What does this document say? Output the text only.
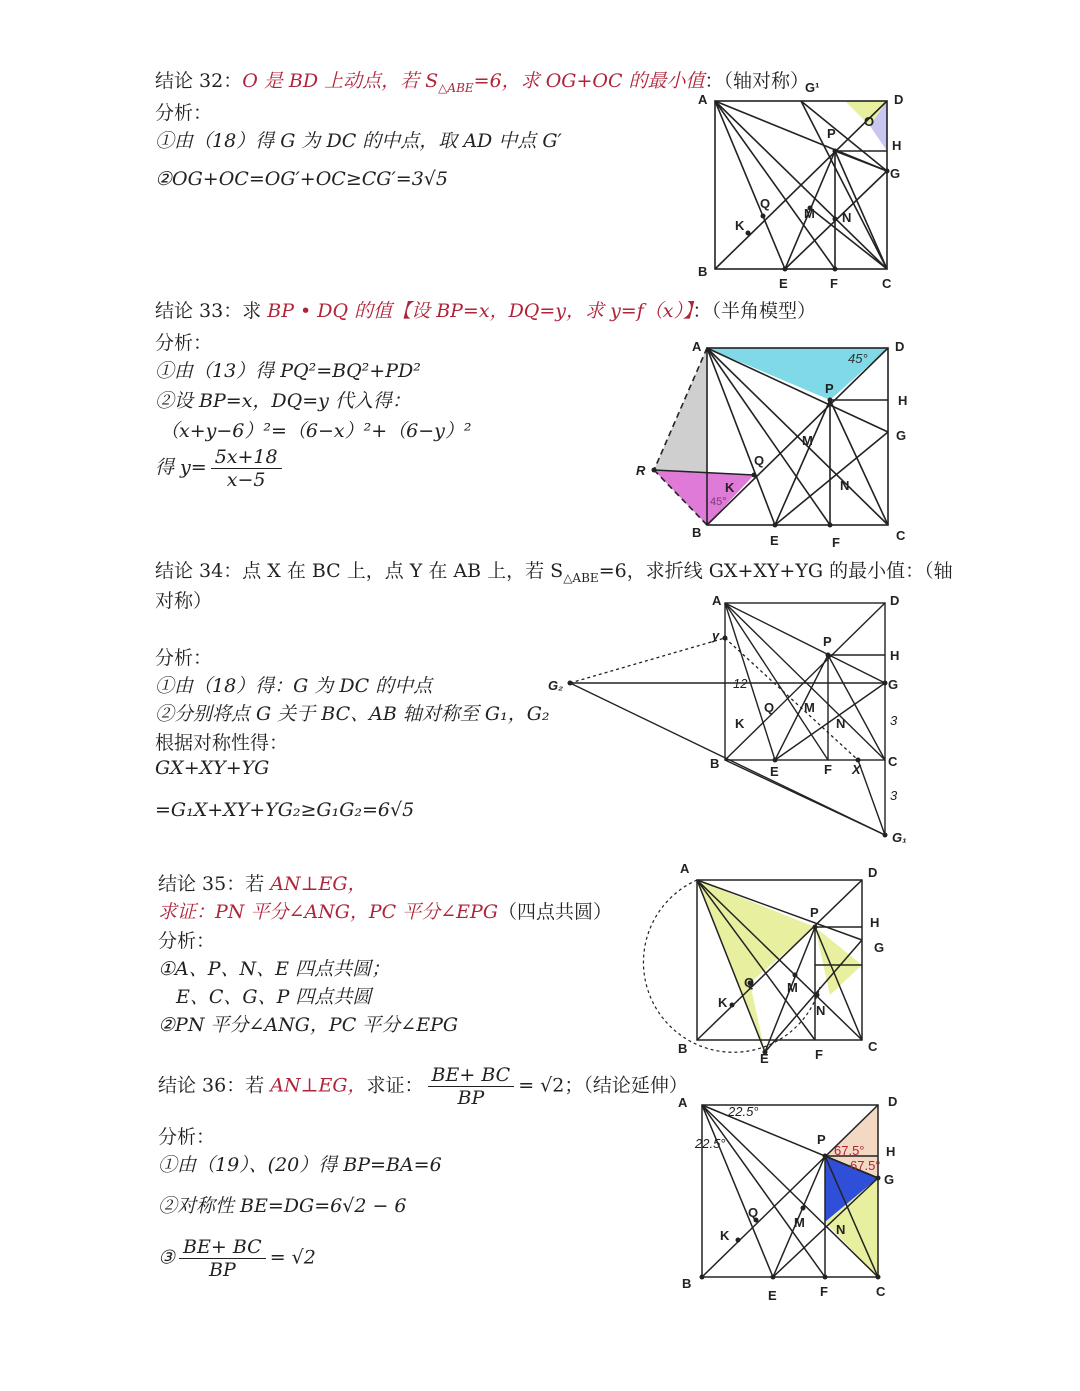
结论 32：O 是 BD 上动点，若 $S_{\triangle ABE}=6$，求 OG+OC 的最小值：（轴对称）
分析：
①由（18）得 G 为 DC 的中点，取 AD 中点 G′
②OG+OC=OG′+OC≥CG′=3√5
A
B
C
D
E	F
G
H
P
Q
K
M N
O
G¹
结论 33：求 BP • DQ 的值【设 BP=x，DQ=y，求 y=f（x）】：（半角模型）
分析：
①由（13）得 PQ²=BQ²+PD²
②设 BP=x，DQ=y 代入得：
（x+y−6）²=（6−x）²+（6−y）²
得 $y= \frac{5x+18}{x-5}$
A
B	C
D
E	F
G
H
P
Q
K
M
N
R
45°
45°
结论 34：点 X 在 BC 上，点 Y 在 AB 上，若 $S_{\triangle ABE}=6$，求折线 GX+XY+YG 的最小值：（轴
对称）
分析：
①由（18）得：G 为 DC 的中点
②分别将点 G 关于 BC、AB 轴对称至 G₁，G₂
根据对称性得：
GX+XY+YG
=G₁X+XY+YG₂≥G₁G₂=6√5
A
B	C
D
E	F
G
H
P
Q
K
M
N
X
y
G₁
G₂	12
3
3
结论 35：若 AN⊥EG，
求证：PN 平分∠ANG，PC 平分∠EPG（四点共圆）
分析：
①A、P、N、E 四点共圆；
E、C、G、P 四点共圆
②PN 平分∠ANG，PC 平分∠EPG
A
B	C
D
E	F
G
H
P
Q
K
M
N
结论 36：若 AN⊥EG，求证： $\frac{BE+ BC}{BP} = √2$；（结论延伸）
分析：
①由（19）、(20）得 BP=BA=6
②对称性 BE=DG=6√2 − 6
③ $\frac{BE+ BC}{BP} = √2$
A
B
C
D
E	F
G
H
P
Q
K
M N
22.5°
22.5°	67.5°
67.5°
